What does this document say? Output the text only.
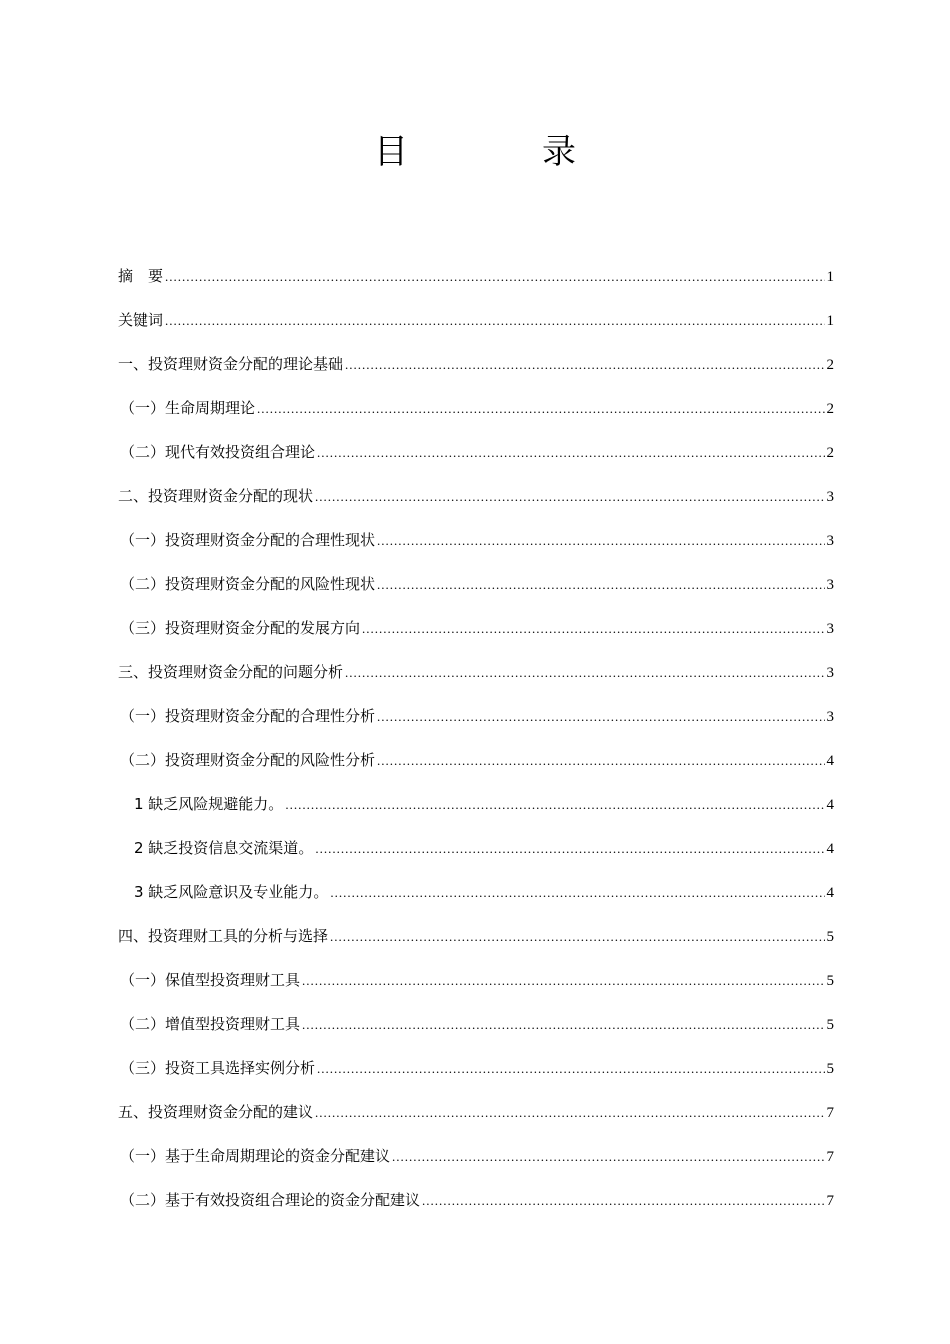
目　录
摘　要 .....	1
关键词 .....	1
一、投资理财资金分配的理论基础 .....	2
（一）生命周期理论 .....	2
（二）现代有效投资组合理论 .....	2
二、投资理财资金分配的现状 .....	3
（一）投资理财资金分配的合理性现状 .....	3
（二）投资理财资金分配的风险性现状 .....	3
（三）投资理财资金分配的发展方向 .....	3
三、投资理财资金分配的问题分析 .....	3
（一）投资理财资金分配的合理性分析 .....	3
（二）投资理财资金分配的风险性分析 .....	4
1 缺乏风险规避能力。 .....	4
2 缺乏投资信息交流渠道。 .....	4
3 缺乏风险意识及专业能力。 .....	4
四、投资理财工具的分析与选择 .....	5
（一）保值型投资理财工具 .....	5
（二）增值型投资理财工具 .....	5
（三）投资工具选择实例分析 .....	5
五、投资理财资金分配的建议 .....	7
（一）基于生命周期理论的资金分配建议 .....	7
（二）基于有效投资组合理论的资金分配建议 .....	7
